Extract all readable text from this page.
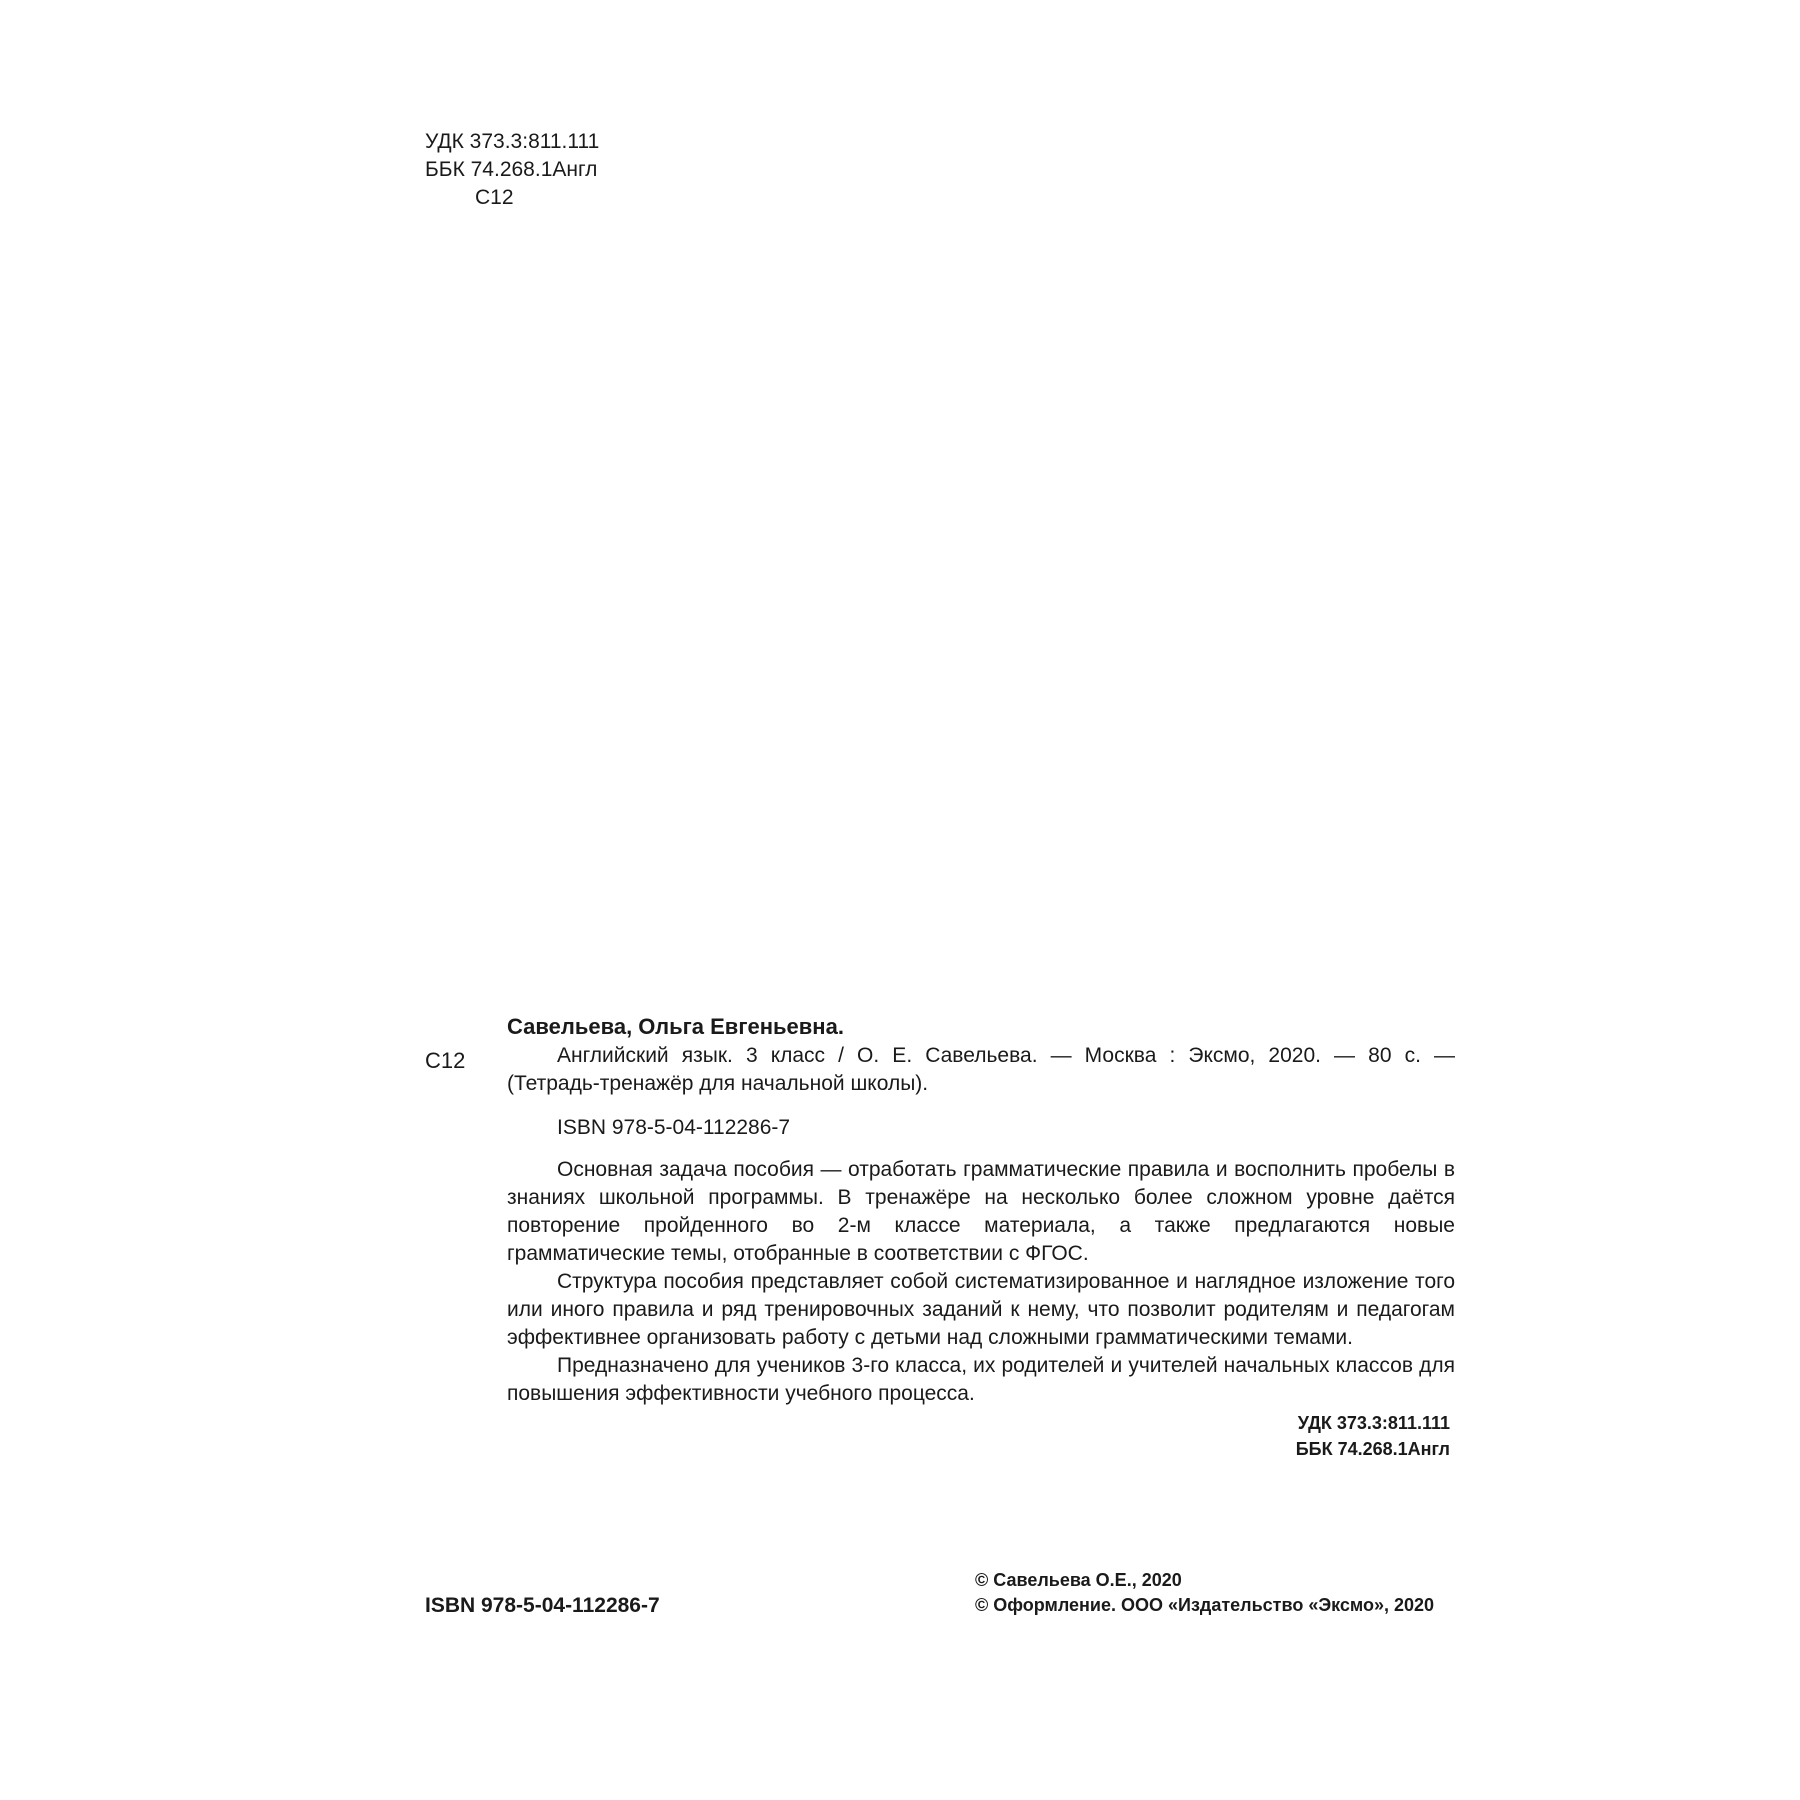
УДК 373.3:811.111
ББК 74.268.1Англ
С12
С12
Савельева, Ольга Евгеньевна.
Английский язык. 3 класс / О. Е. Савельева. — Москва : Эксмо, 2020. — 80 с. —
(Тетрадь-тренажёр для начальной школы).
ISBN 978-5-04-112286-7

Основная задача пособия — отработать грамматические правила и восполнить пробелы в знаниях школьной программы. В тренажёре на несколько более сложном уровне даётся повторение пройденного во 2-м классе материала, а также предлагаются новые грамматические темы, отобранные в соответствии с ФГОС.

Структура пособия представляет собой систематизированное и наглядное изложение того или иного правила и ряд тренировочных заданий к нему, что позволит родителям и педагогам эффективнее организовать работу с детьми над сложными грамматическими темами.

Предназначено для учеников 3-го класса, их родителей и учителей начальных классов для повышения эффективности учебного процесса.

УДК 373.3:811.111
ББК 74.268.1Англ
ISBN 978-5-04-112286-7
© Савельева О.Е., 2020
© Оформление. ООО «Издательство «Эксмо», 2020
